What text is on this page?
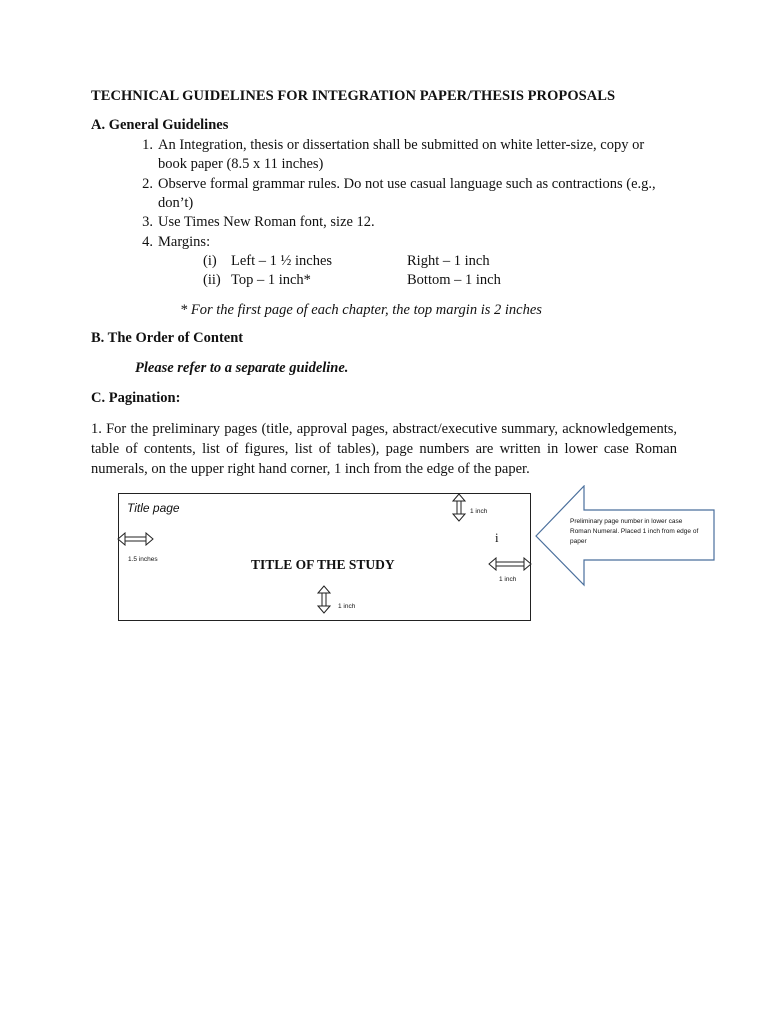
TECHNICAL GUIDELINES FOR INTEGRATION PAPER/THESIS PROPOSALS
A. General Guidelines
1. An Integration, thesis or dissertation shall be submitted on white letter-size, copy or
book paper (8.5 x 11 inches)
2. Observe formal grammar rules. Do not use casual language such as contractions (e.g.,
don’t)
3. Use Times New Roman font, size 12.
4. Margins:
(i) Left – 1 ½ inches	Right – 1 inch
(ii) Top – 1 inch*	Bottom – 1 inch
* For the first page of each chapter, the top margin is 2 inches
B. The Order of Content
Please refer to a separate guideline.
C. Pagination:
1. For the preliminary pages (title, approval pages, abstract/executive summary, acknowledgements, table of contents, list of figures, list of tables), page numbers are written in lower case Roman numerals, on the upper right hand corner, 1 inch from the edge of the paper.
Title page
1.5 inches
1 inch
i
TITLE OF THE STUDY
1 inch
1 inch
Preliminary page number in lower case
Roman Numeral. Placed 1 inch from edge of
paper
